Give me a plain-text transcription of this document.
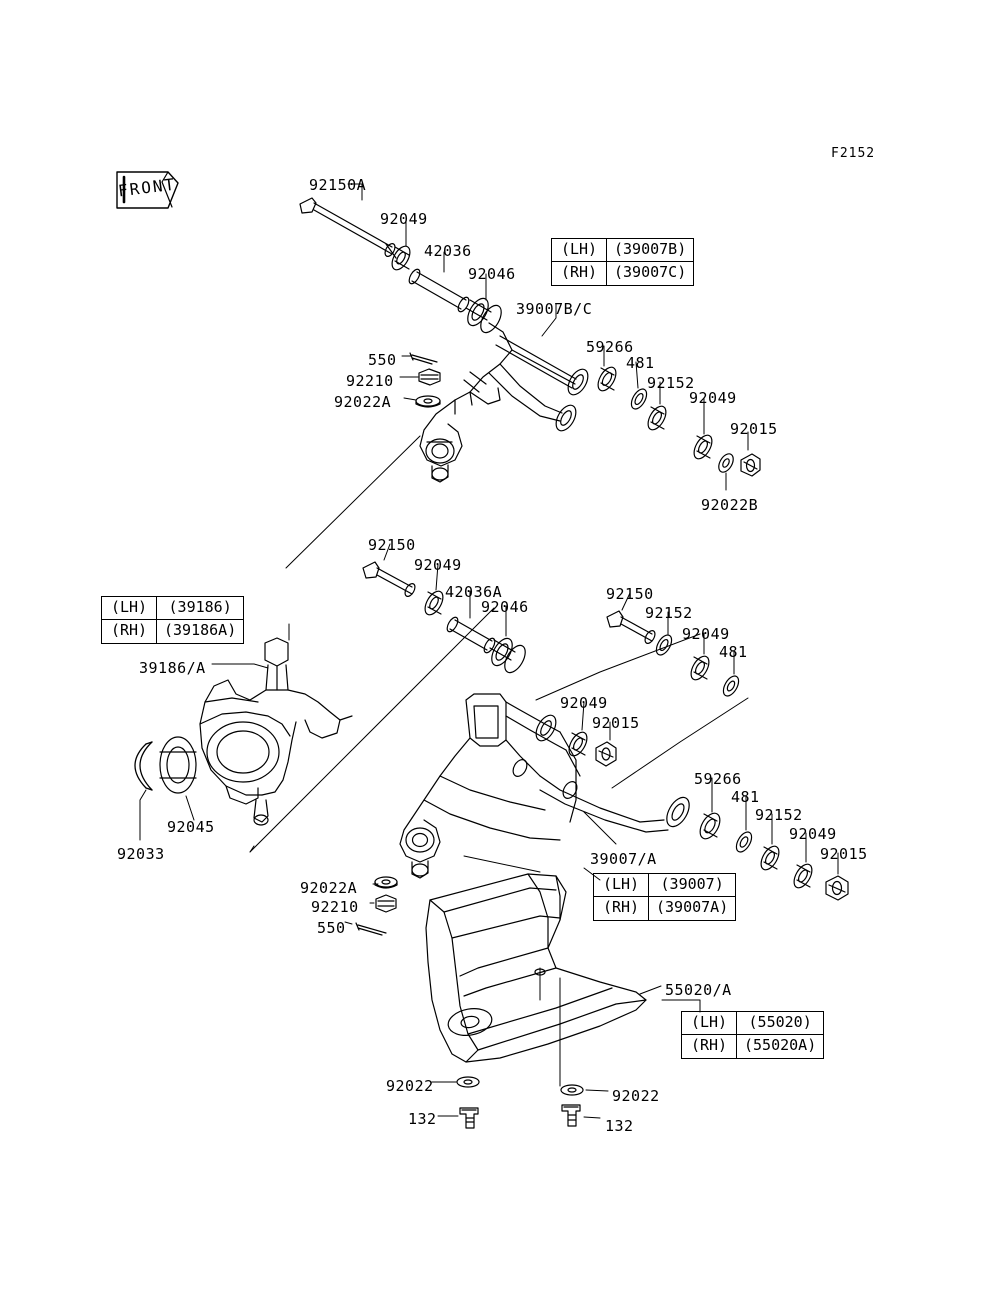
F2152
FRONT
(LH)	(39007B)
(RH)	(39007C)
(LH)	(39186)
(RH)	(39186A)
(LH)	(39007)
(RH)	(39007A)
(LH)	(55020)
(RH)	(55020A)
92150A
92049
42036
92046
39007B/C
59266
481
92152
92049
92015
92022B
550
92210
92022A
92150
92049
42036A
92046
39186/A
92045
92033
92150
92152
92049
481
92049
92015
59266
481
92152
92049
92015
39007/A
92022A
92210
550
55020/A
92022
132
92022
132
